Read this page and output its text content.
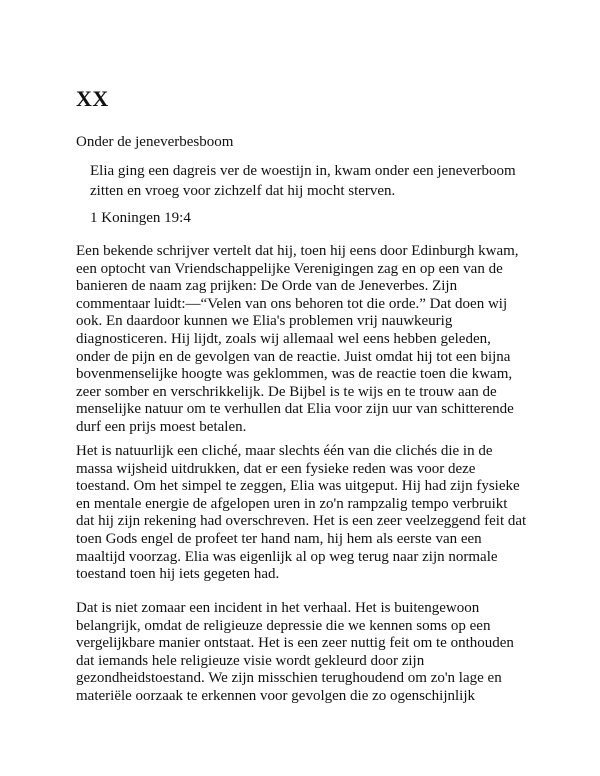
XX

Onder de jeneverbesboom

Elia ging een dagreis ver de woestijn in, kwam onder een jeneverboom zitten en vroeg voor zichzelf dat hij mocht sterven.

1 Koningen 19:4

Een bekende schrijver vertelt dat hij, toen hij eens door Edinburgh kwam, een optocht van Vriendschappelijke Verenigingen zag en op een van de banieren de naam zag prijken: De Orde van de Jeneverbes. Zijn commentaar luidt:—“Velen van ons behoren tot die orde.” Dat doen wij ook. En daardoor kunnen we Elia's problemen vrij nauwkeurig diagnosticeren. Hij lijdt, zoals wij allemaal wel eens hebben geleden, onder de pijn en de gevolgen van de reactie. Juist omdat hij tot een bijna bovenmenselijke hoogte was geklommen, was de reactie toen die kwam, zeer somber en verschrikkelijk. De Bijbel is te wijs en te trouw aan de menselijke natuur om te verhullen dat Elia voor zijn uur van schitterende durf een prijs moest betalen.

Het is natuurlijk een cliché, maar slechts één van die clichés die in de massa wijsheid uitdrukken, dat er een fysieke reden was voor deze toestand. Om het simpel te zeggen, Elia was uitgeput. Hij had zijn fysieke en mentale energie de afgelopen uren in zo'n rampzalig tempo verbruikt dat hij zijn rekening had overschreven. Het is een zeer veelzeggend feit dat toen Gods engel de profeet ter hand nam, hij hem als eerste van een maaltijd voorzag. Elia was eigenlijk al op weg terug naar zijn normale toestand toen hij iets gegeten had.

Dat is niet zomaar een incident in het verhaal. Het is buitengewoon belangrijk, omdat de religieuze depressie die we kennen soms op een vergelijkbare manier ontstaat. Het is een zeer nuttig feit om te onthouden dat iemands hele religieuze visie wordt gekleurd door zijn gezondheidstoestand. We zijn misschien terughoudend om zo'n lage en materiële oorzaak te erkennen voor gevolgen die zo ogenschijnlijk
